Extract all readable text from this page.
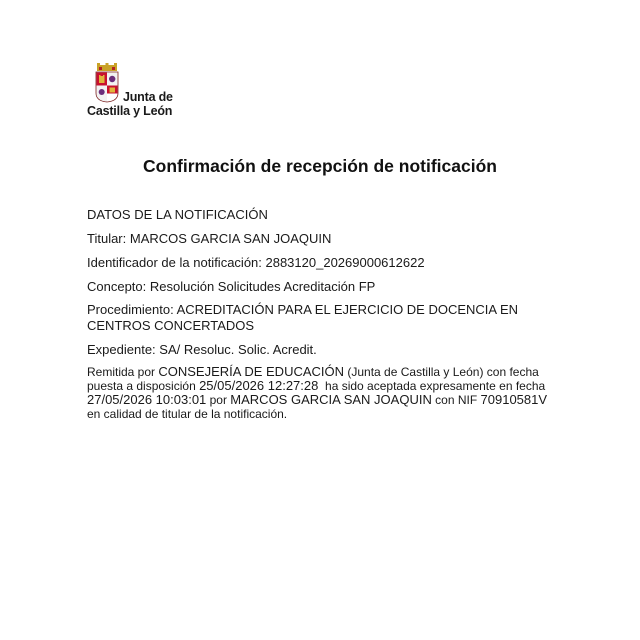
Junta de
Castilla y León
Confirmación de recepción de notificación
DATOS DE LA NOTIFICACIÓN
Titular: MARCOS GARCIA SAN JOAQUIN
Identificador de la notificación: 2883120_20269000612622
Concepto: Resolución Solicitudes Acreditación FP
Procedimiento: ACREDITACIÓN PARA EL EJERCICIO DE DOCENCIA EN
CENTROS CONCERTADOS
Expediente: SA/ Resoluc. Solic. Acredit.
Remitida por CONSEJERÍA DE EDUCACIÓN (Junta de Castilla y León) con fecha
puesta a disposición 25/05/2026 12:27:28  ha sido aceptada expresamente en fecha
27/05/2026 10:03:01 por MARCOS GARCIA SAN JOAQUIN con NIF 70910581V
en calidad de titular de la notificación.
